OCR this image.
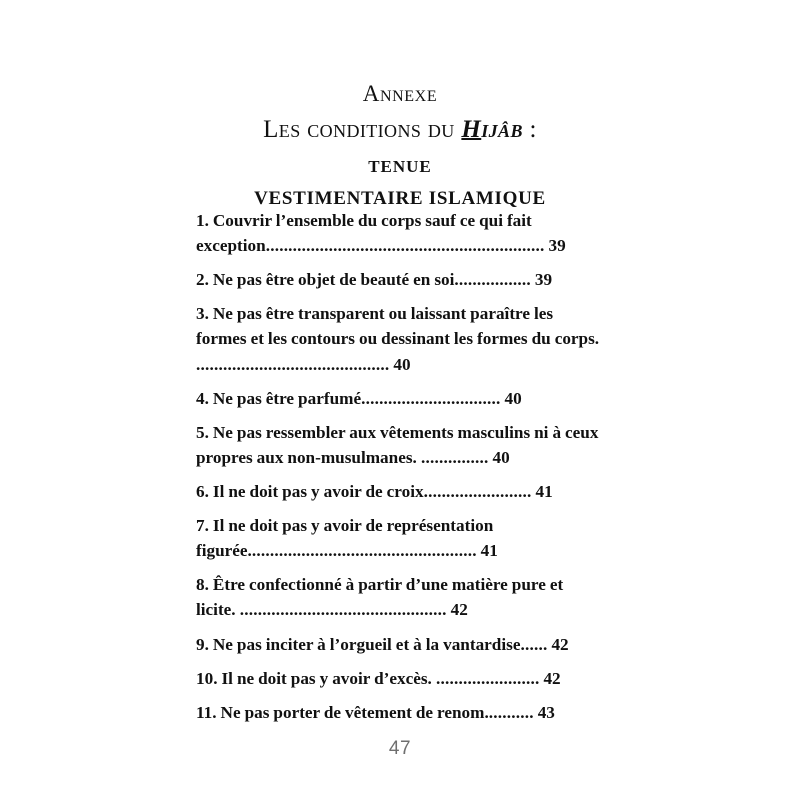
Annexe
Les conditions du Hijâb :
TENUE
VESTIMENTAIRE ISLAMIQUE
1. Couvrir l’ensemble du corps sauf ce qui fait exception.............................................................. 39
2. Ne pas être objet de beauté en soi................. 39
3. Ne pas être transparent ou laissant paraître les formes et les contours ou dessinant les formes du corps. ........................................... 40
4. Ne pas être parfumé............................... 40
5. Ne pas ressembler aux vêtements masculins ni à ceux propres aux non-musulmanes. ............... 40
6. Il ne doit pas y avoir de croix........................ 41
7. Il ne doit pas y avoir de représentation figurée................................................... 41
8. Être confectionné à partir d’une matière pure et licite. .............................................. 42
9. Ne pas inciter à l’orgueil et à la vantardise...... 42
10. Il ne doit pas y avoir d’excès. ....................... 42
11. Ne pas porter de vêtement de renom........... 43
47
